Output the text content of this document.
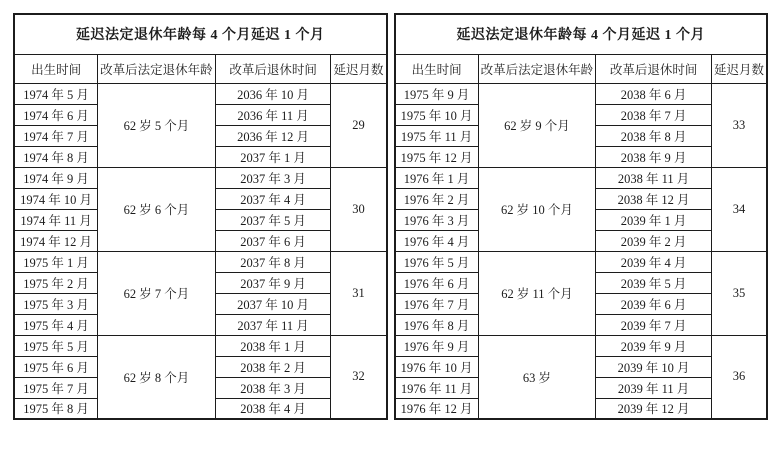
延迟法定退休年龄每 4 个月延迟 1 个月			
出生时间	改革后法定退休年龄	改革后退休时间	延迟月数
1974 年 5 月	62 岁 5 个月	2036 年 10 月	29
1974 年 6 月		2036 年 11 月	
1974 年 7 月		2036 年 12 月	
1974 年 8 月		2037 年 1 月	
1974 年 9 月	62 岁 6 个月	2037 年 3 月	30
1974 年 10 月		2037 年 4 月	
1974 年 11 月		2037 年 5 月	
1974 年 12 月		2037 年 6 月	
1975 年 1 月	62 岁 7 个月	2037 年 8 月	31
1975 年 2 月		2037 年 9 月	
1975 年 3 月		2037 年 10 月	
1975 年 4 月		2037 年 11 月	
1975 年 5 月	62 岁 8 个月	2038 年 1 月	32
1975 年 6 月		2038 年 2 月	
1975 年 7 月		2038 年 3 月	
1975 年 8 月		2038 年 4 月	
延迟法定退休年龄每 4 个月延迟 1 个月			
出生时间	改革后法定退休年龄	改革后退休时间	延迟月数
1975 年 9 月	62 岁 9 个月	2038 年 6 月	33
1975 年 10 月		2038 年 7 月	
1975 年 11 月		2038 年 8 月	
1975 年 12 月		2038 年 9 月	
1976 年 1 月	62 岁 10 个月	2038 年 11 月	34
1976 年 2 月		2038 年 12 月	
1976 年 3 月		2039 年 1 月	
1976 年 4 月		2039 年 2 月	
1976 年 5 月	62 岁 11 个月	2039 年 4 月	35
1976 年 6 月		2039 年 5 月	
1976 年 7 月		2039 年 6 月	
1976 年 8 月		2039 年 7 月	
1976 年 9 月	63 岁	2039 年 9 月	36
1976 年 10 月		2039 年 10 月	
1976 年 11 月		2039 年 11 月	
1976 年 12 月		2039 年 12 月	
